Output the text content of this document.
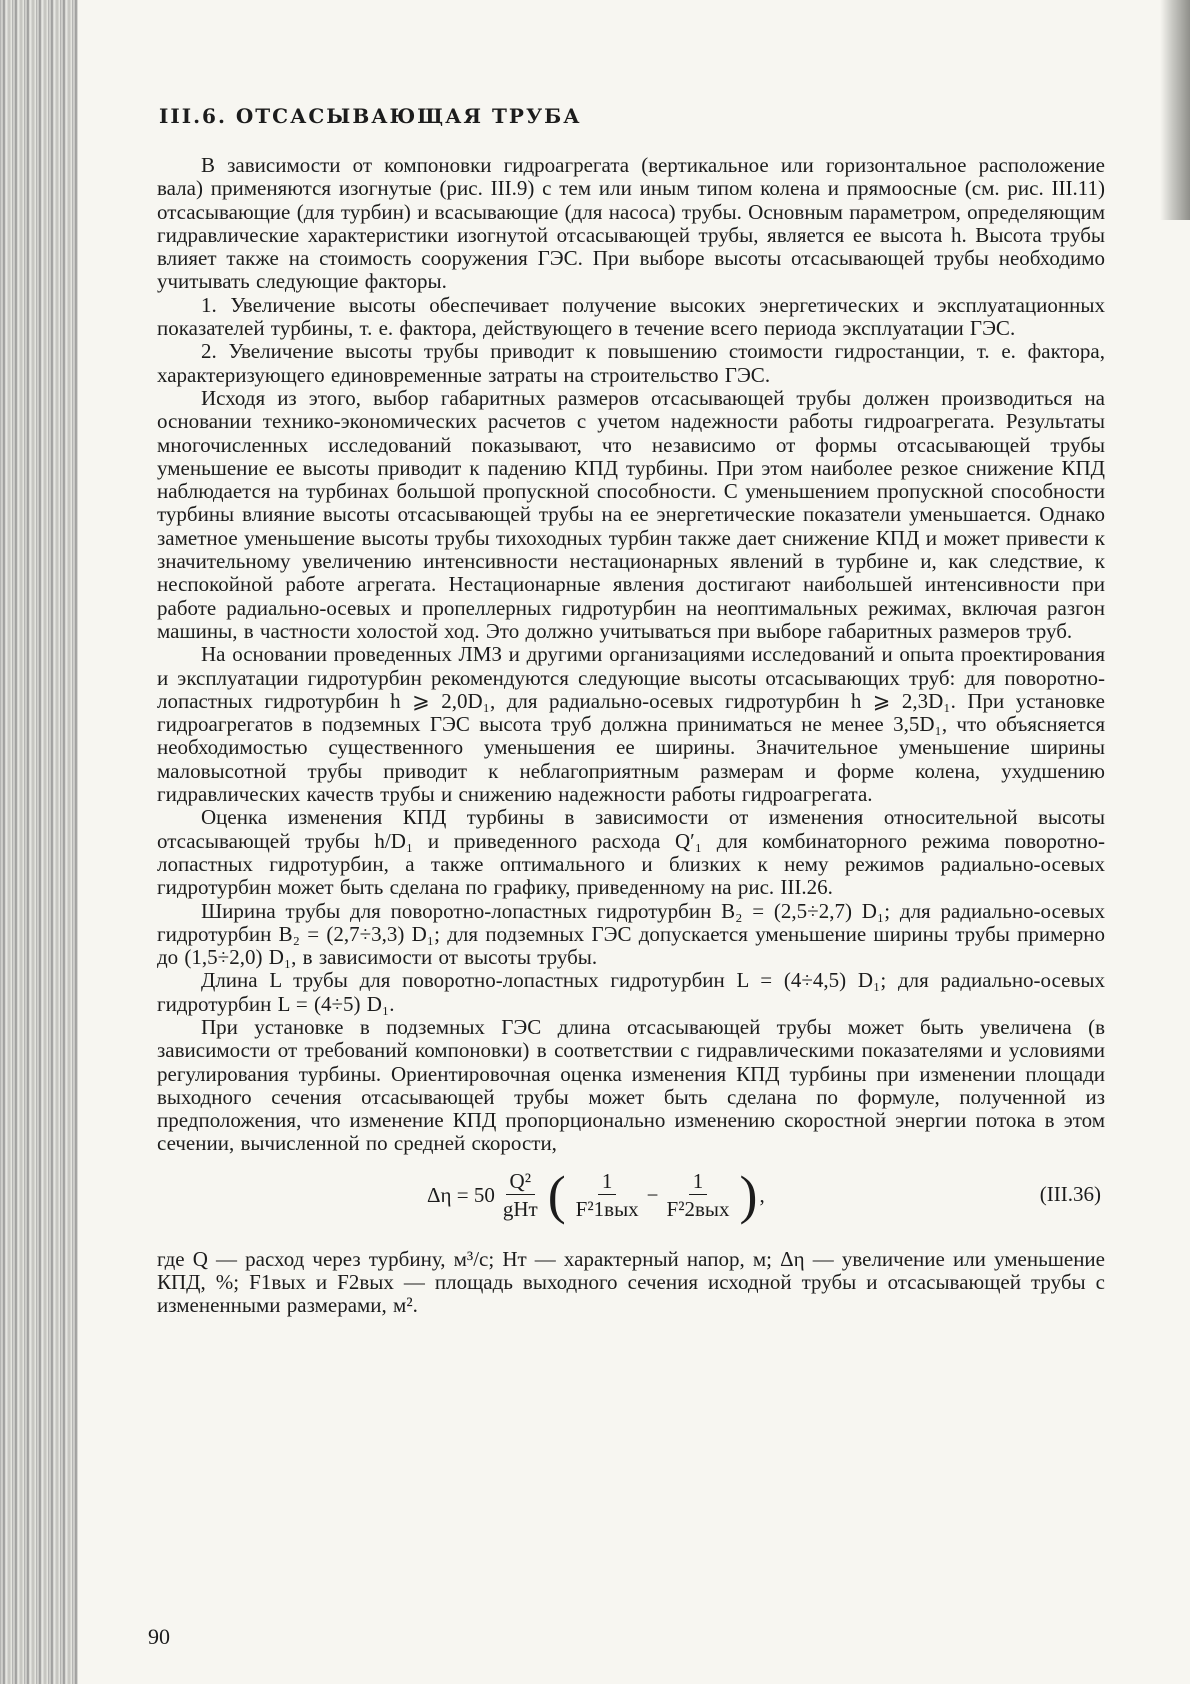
III.6. ОТСАСЫВАЮЩАЯ ТРУБА

В зависимости от компоновки гидроагрегата (вертикальное или горизонтальное расположение вала) применяются изогнутые (рис. III.9) с тем или иным типом колена и прямоосные (см. рис. III.11) отсасывающие (для турбин) и всасывающие (для насоса) трубы. Основным параметром, определяющим гидравлические характеристики изогнутой отсасывающей трубы, является ее высота h. Высота трубы влияет также на стоимость сооружения ГЭС. При выборе высоты отсасывающей трубы необходимо учитывать следующие факторы.

1. Увеличение высоты обеспечивает получение высоких энергетических и эксплуатационных показателей турбины, т. е. фактора, действующего в течение всего периода эксплуатации ГЭС.

2. Увеличение высоты трубы приводит к повышению стоимости гидростанции, т. е. фактора, характеризующего единовременные затраты на строительство ГЭС.

Исходя из этого, выбор габаритных размеров отсасывающей трубы должен производиться на основании технико-экономических расчетов с учетом надежности работы гидроагрегата. Результаты многочисленных исследований показывают, что независимо от формы отсасывающей трубы уменьшение ее высоты приводит к падению КПД турбины. При этом наиболее резкое снижение КПД наблюдается на турбинах большой пропускной способности. С уменьшением пропускной способности турбины влияние высоты отсасывающей трубы на ее энергетические показатели уменьшается. Однако заметное уменьшение высоты трубы тихоходных турбин также дает снижение КПД и может привести к значительному увеличению интенсивности нестационарных явлений в турбине и, как следствие, к неспокойной работе агрегата. Нестационарные явления достигают наибольшей интенсивности при работе радиально-осевых и пропеллерных гидротурбин на неоптимальных режимах, включая разгон машины, в частности холостой ход. Это должно учитываться при выборе габаритных размеров труб.

На основании проведенных ЛМЗ и другими организациями исследований и опыта проектирования и эксплуатации гидротурбин рекомендуются следующие высоты отсасывающих труб: для поворотно-лопастных гидротурбин h ⩾ 2,0D₁, для радиально-осевых гидротурбин h ⩾ 2,3D₁. При установке гидроагрегатов в подземных ГЭС высота труб должна приниматься не менее 3,5D₁, что объясняется необходимостью существенного уменьшения ее ширины. Значительное уменьшение ширины маловысотной трубы приводит к неблагоприятным размерам и форме колена, ухудшению гидравлических качеств трубы и снижению надежности работы гидроагрегата.

Оценка изменения КПД турбины в зависимости от изменения относительной высоты отсасывающей трубы h/D₁ и приведенного расхода Q′₁ для комбинаторного режима поворотно-лопастных гидротурбин, а также оптимального и близких к нему режимов радиально-осевых гидротурбин может быть сделана по графику, приведенному на рис. III.26.

Ширина трубы для поворотно-лопастных гидротурбин B₂ = (2,5÷2,7) D₁; для радиально-осевых гидротурбин B₂ = (2,7÷3,3) D₁; для подземных ГЭС допускается уменьшение ширины трубы примерно до (1,5÷2,0) D₁, в зависимости от высоты трубы.

Длина L трубы для поворотно-лопастных гидротурбин L = (4÷4,5) D₁; для радиально-осевых гидротурбин L = (4÷5) D₁.

При установке в подземных ГЭС длина отсасывающей трубы может быть увеличена (в зависимости от требований компоновки) в соответствии с гидравлическими показателями и условиями регулирования турбины. Ориентировочная оценка изменения КПД турбины при изменении площади выходного сечения отсасывающей трубы может быть сделана по формуле, полученной из предположения, что изменение КПД пропорционально изменению скоростной энергии потока в этом сечении, вычисленной по средней скорости,

$\Delta\eta = 50 \frac{\text{Q²}}{\text{gHт}}$ ( $\frac{1}{\text{F²1вых}} - \frac{1}{\text{F²2вых}}$ ) ,	(III.36)

где Q — расход через турбину, м³/с; Hт — характерный напор, м; Δη — увеличение или уменьшение КПД, %; F1вых и F2вых — площадь выходного сечения исходной трубы и отсасывающей трубы с измененными размерами, м².

90
